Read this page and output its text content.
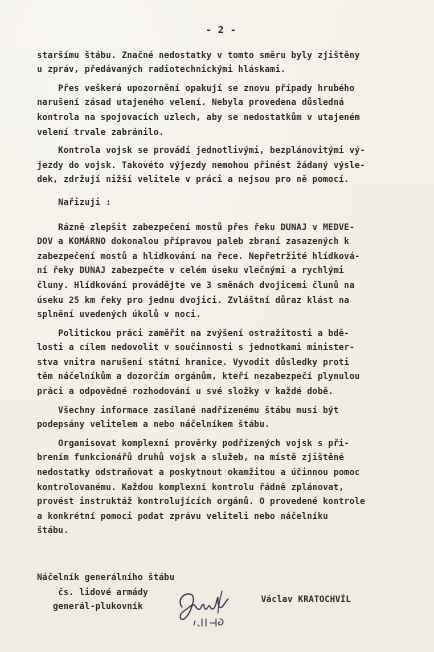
- 2 -
staršímu štábu. Značné nedostatky v tomto směru byly zjištěny
u zpráv, předávaných radiotechnickými hláskami.
Přes veškerá upozornění opakují se znovu případy hrubého
narušení zásad utajeného velení. Nebyla provedena důsledná
kontrola na spojovacích uzlech, aby se nedostatkům v utajeném
velení trvale zabránilo.
Kontrola vojsk se provádí jednotlivými, bezplánovitými vý-
jezdy do vojsk. Takovéto výjezdy nemohou přinést žádaný výsle-
dek, zdržují nižší velitele v práci a nejsou pro ně pomocí.
Nařizuji :
Rázně zlepšit zabezpečení mostů přes řeku DUNAJ v MEDVE-
DOV a KOMÁRNO dokonalou přípravou paleb zbraní zasazených k
zabezpečení mostů a hlídkování na řece. Nepřetržité hlídková-
ní řeky DUNAJ zabezpečte v celém úseku vlečnými a rychlými
čluny. Hlídkování provádějte ve 3 směnách dvojicemi člunů na
úseku 25 km řeky pro jednu dvojici. Zvláštní důraz klást na
splnění uvedených úkolů v noci.
Politickou práci zaměřit na zvýšení ostražitosti a bdě-
losti a cílem nedovolit v součinnosti s jednotkami minister-
stva vnitra narušení státní hranice. Vyvodit důsledky proti
těm náčelníkům a dozorčím orgánům, kteří nezabezpečí plynulou
práci a odpovědné rozhodování u své složky v každé době.
Všechny informace zasílané nadřízenému štábu musí být
podepsány velitelem a nebo náčelníkem štábu.
Organisovat komplexní prověrky podřízených vojsk s při-
brením funkcionářů druhů vojsk a služeb, na místě zjištěné
nedostatky odstraňovat a poskytnout okamžitou a účinnou pomoc
kontrolovanému. Každou komplexní kontrolu řádně zplánovat,
provést instruktáž kontrolujících orgánů. O provedené kontrole
a konkrétní pomoci podat zprávu veliteli nebo náčelníku
štábu.
Náčelník generálního štábu
čs. lidové armády
generál-plukovník
Václav KRATOCHVÍL
